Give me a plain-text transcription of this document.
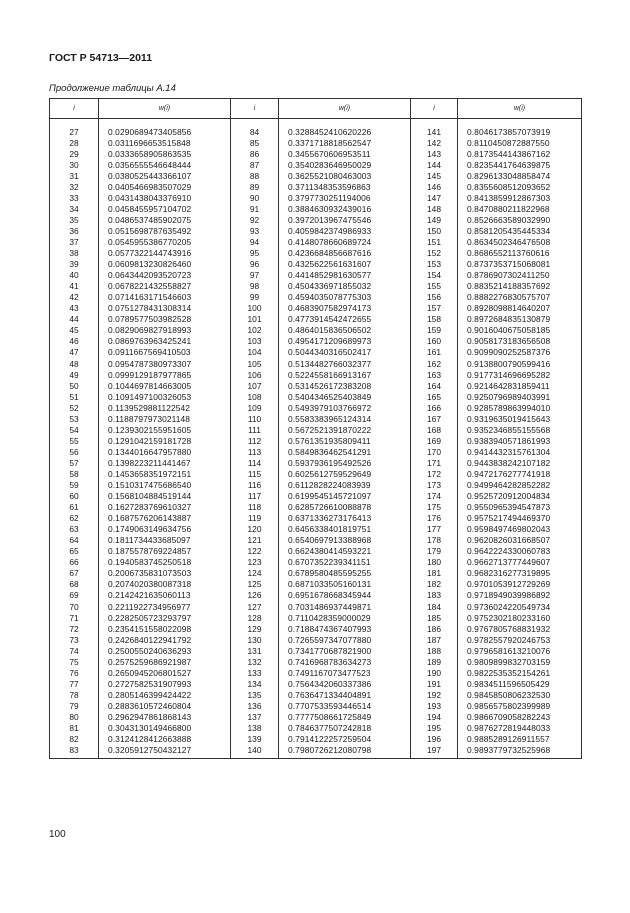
ГОСТ Р 54713—2011
Продолжение таблицы А.14
i	w(i)	i	w(i)	i	w(i)

27	0.0290689473405856	84	0.3288452410620226	141	0.8046173857073919
28	0.0311696653515848	85	0.3371718818562547	142	0.8110450872887550
29	0.0333658905863535	86	0.3455670606953511	143	0.8173544143867162
30	0.0356555546648444	87	0.3540283646950029	144	0.8235441764639875
31	0.0380525443366107	88	0.3625521080463003	145	0.8296133048858474
32	0.0405466983507029	89	0.3711348353596863	146	0.8355608512093652
33	0.0431438043376910	90	0.3797730251194006	147	0.8413859912867303
34	0.0458455957104702	91	0.3884630932439016	148	0.8470880211822968
35	0.0486537485902075	92	0.3972013967475546	149	0.8526663589032990
36	0.0515698787635492	93	0.4059842374986933	150	0.8581205435445334
37	0.0545955386770205	94	0.4148078660689724	151	0.8634502346476508
38	0.0577322144743916	95	0.4236684856687616	152	0.8686552113760616
39	0.0609813230826460	96	0.4325622561631607	153	0.8737353715068081
40	0.0643442093520723	97	0.4414852981630577	154	0.8786907302411250
41	0.0678221432558827	98	0.4504336971855032	155	0.8835214188357692
42	0.0714163171546603	99	0.4594035078775303	156	0.8882276830575707
43	0.0751278431308314	100	0.4683907582974173	157	0.8928098814640207
44	0.0789577503982528	101	0.4773914542472655	158	0.8972684835130879
45	0.0829069827918993	102	0.4864015836506502	159	0.9016040675058185
46	0.0869763963425241	103	0.4954171209689973	160	0.9058173183656508
47	0.0911667569410503	104	0.5044340316502417	161	0.9099090252587376
48	0.0954787380973307	105	0.5134482766032377	162	0.9138800790599416
49	0.0999129187977865	106	0.5224558166913167	163	0.9177314696695282
50	0.1044697814663005	107	0.5314526172383208	164	0.9214642831859411
51	0.1091497100326053	108	0.5404346525403849	165	0.9250796989403991
52	0.1139529881122542	109	0.5493979103766972	166	0.9285789863994010
53	0.1188797973021148	110	0.5583383965124314	167	0.9319635019415643
54	0.1239302155951605	111	0.5672521391870222	168	0.9352346855155568
55	0.1291042159181728	112	0.5761351935809411	169	0.9383940571861993
56	0.1344016647957880	113	0.5849836462541291	170	0.9414432315761304
57	0.1398223211441467	114	0.5937936195492526	171	0.9443838242107182
58	0.1453658351972151	115	0.6025612759529649	172	0.9472176277741918
59	0.1510317475686540	116	0.6112828224083939	173	0.9499464282852282
60	0.1568104884519144	117	0.6199545145721097	174	0.9525720912004834
61	0.1627283769610327	118	0.6285726610088878	175	0.9550965394547873
62	0.1687576206143887	119	0.6371336273176413	176	0.9575217494469370
63	0.1749063149634756	120	0.6456338401819751	177	0.9598497469802043
64	0.1811734433685097	121	0.6540697913388968	178	0.9620826031668507
65	0.1875578769224857	122	0.6624380414593221	179	0.9642224330060783
66	0.1940583745250518	123	0.6707352239341151	180	0.9662713777449607
67	0.2006735831073503	124	0.6789580485595255	181	0.9682316277319895
68	0.2074020380087318	125	0.6871033505160131	182	0.9701053912729269
69	0.2142421635060113	126	0.6951678668345944	183	0.9718949039986892
70	0.2211922734956977	127	0.7031486937449871	184	0.9736024220549734
71	0.2282505723293797	128	0.7110428359000029	185	0.9752302180233160
72	0.2354151558022098	129	0.7188474367407993	186	0.9767805768831932
73	0.2426840122941792	130	0.7265597347077880	187	0.9782557920246753
74	0.2500550240636293	131	0.7341770687821900	188	0.9796581613210076
75	0.2575259686921987	132	0.7416968783634273	189	0.9809899832703159
76	0.2650945206801527	133	0.7491167073477523	190	0.9822535352154261
77	0.2727582531907993	134	0.7564342060337386	191	0.9834511596505429
78	0.2805146399424422	135	0.7636471334404891	192	0.9845850806232530
79	0.2883610572460804	136	0.7707533593446514	193	0.9856575802399989
80	0.2962947861868143	137	0.7777508661725849	194	0.9866709058282243
81	0.3043130149466800	138	0.7846377507242818	195	0.9876272819448033
82	0.3124128412663888	139	0.7914122257259504	196	0.9885289126911557
83	0.3205912750432127	140	0.7980726212080798	197	0.9893779732525968
100
